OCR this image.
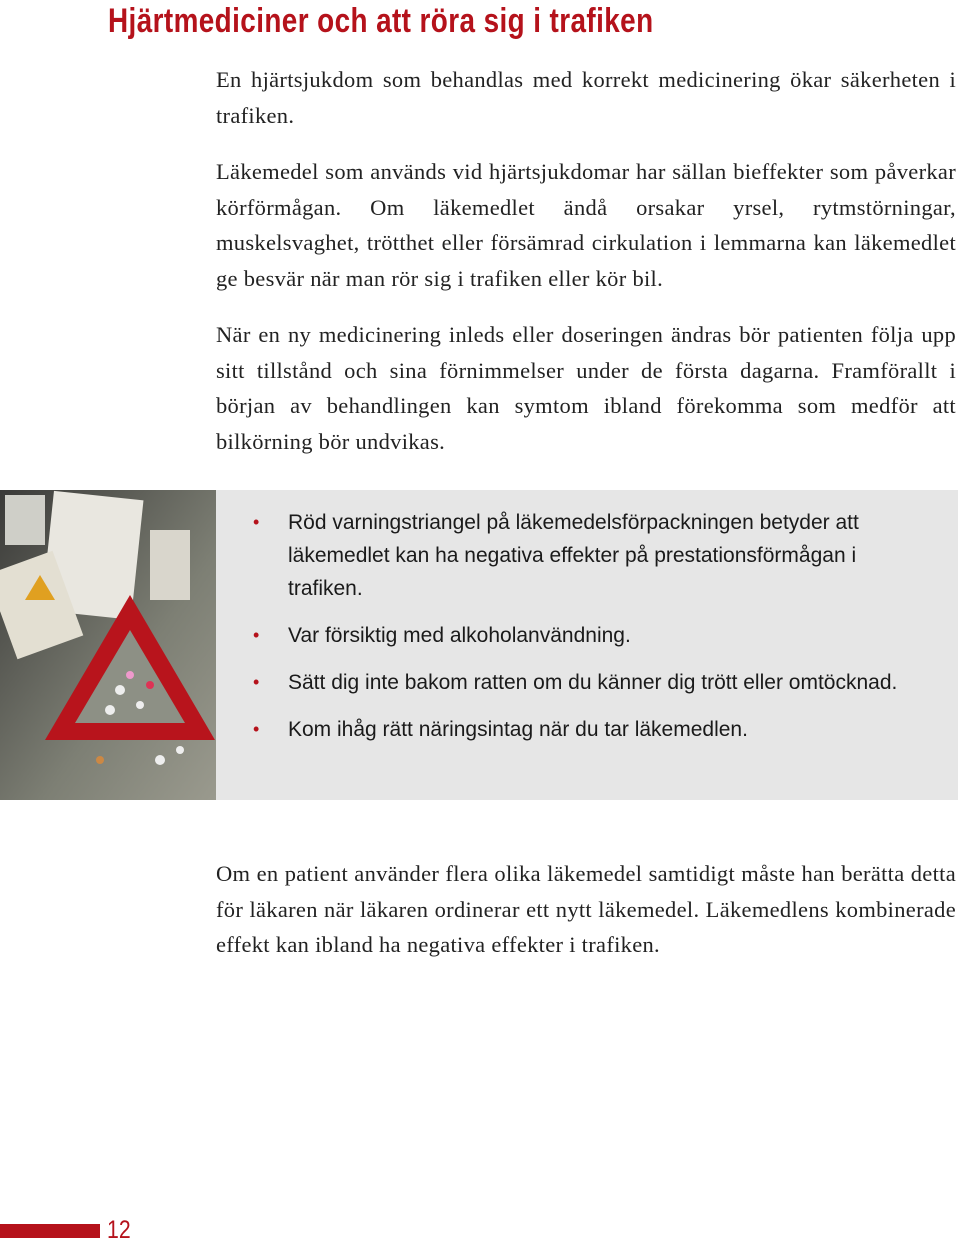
Hjärtmediciner och att röra sig i trafiken

En hjärtsjukdom som behandlas med korrekt medicinering ökar säkerheten i trafiken.

Läkemedel som används vid hjärtsjukdomar har sällan bieffekter som påverkar körförmågan. Om läkemedlet ändå orsakar yrsel, rytmstörningar, muskelsvaghet, trötthet eller försämrad cirkulation i lemmarna kan läkemedlet ge besvär när man rör sig i trafiken eller kör bil.

När en ny medicinering inleds eller doseringen ändras bör patienten följa upp sitt tillstånd och sina förnimmelser under de första dagarna. Framförallt i början av behandlingen kan symtom ibland förekomma som medför att bilkörning bör undvikas.

• Röd varningstriangel på läkemedelsförpackningen betyder att läkemedlet kan ha negativa effekter på prestationsförmågan i trafiken.
• Var försiktig med alkoholanvändning.
• Sätt dig inte bakom ratten om du känner dig trött eller omtöcknad.
• Kom ihåg rätt näringsintag när du tar läkemedlen.

Om en patient använder flera olika läkemedel samtidigt måste han berätta detta för läkaren när läkaren ordinerar ett nytt läkemedel. Läkemedlens kombinerade effekt kan ibland ha negativa effekter i trafiken.

12
